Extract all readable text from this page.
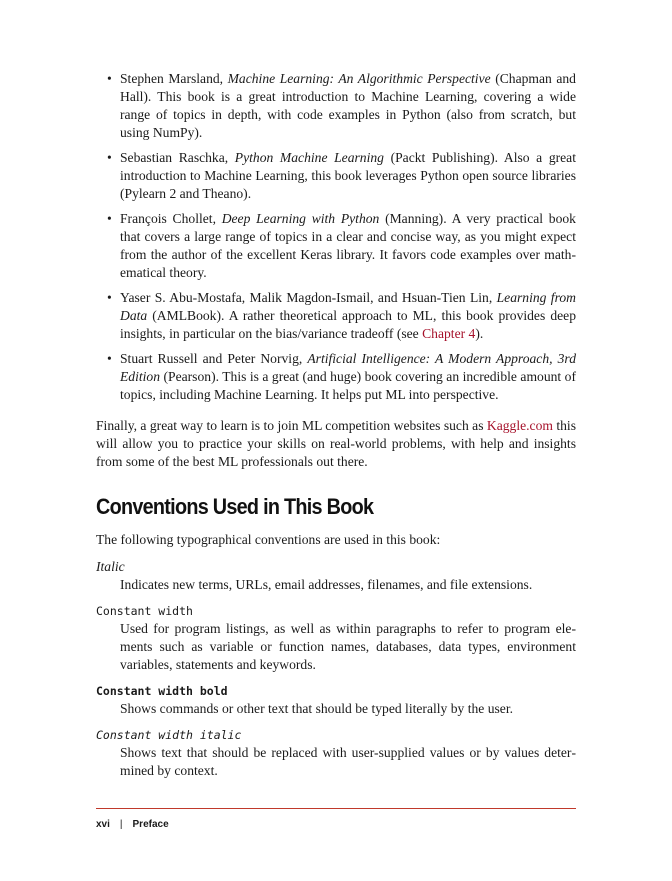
• Stephen Marsland, Machine Learning: An Algorithmic Perspective (Chapman and Hall). This book is a great introduction to Machine Learning, covering a wide range of topics in depth, with code examples in Python (also from scratch, but using NumPy).
• Sebastian Raschka, Python Machine Learning (Packt Publishing). Also a great introduction to Machine Learning, this book leverages Python open source libraries (Pylearn 2 and Theano).
• François Chollet, Deep Learning with Python (Manning). A very practical book that covers a large range of topics in a clear and concise way, as you might expect from the author of the excellent Keras library. It favors code examples over mathematical theory.
• Yaser S. Abu-Mostafa, Malik Magdon-Ismail, and Hsuan-Tien Lin, Learning from Data (AMLBook). A rather theoretical approach to ML, this book provides deep insights, in particular on the bias/variance tradeoff (see Chapter 4).
• Stuart Russell and Peter Norvig, Artificial Intelligence: A Modern Approach, 3rd Edition (Pearson). This is a great (and huge) book covering an incredible amount of topics, including Machine Learning. It helps put ML into perspective.

Finally, a great way to learn is to join ML competition websites such as Kaggle.com this will allow you to practice your skills on real-world problems, with help and insights from some of the best ML professionals out there.

Conventions Used in This Book

The following typographical conventions are used in this book:

Italic
Indicates new terms, URLs, email addresses, filenames, and file extensions.
Constant width
Used for program listings, as well as within paragraphs to refer to program elements such as variable or function names, databases, data types, environment variables, statements and keywords.
Constant width bold
Shows commands or other text that should be typed literally by the user.
Constant width italic
Shows text that should be replaced with user-supplied values or by values determined by context.
xvi | Preface
